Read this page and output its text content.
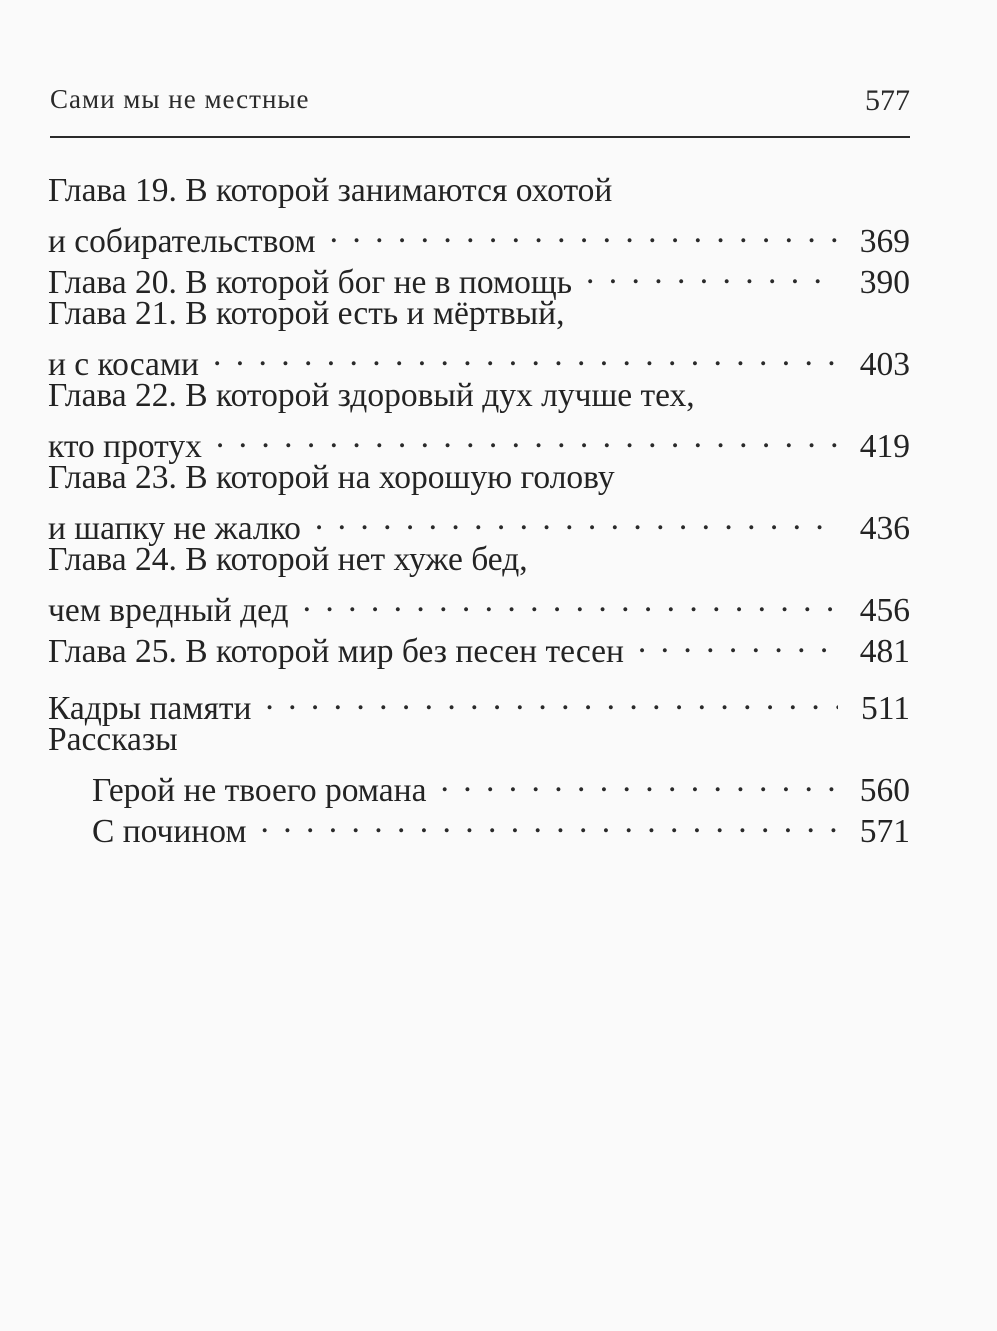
Сами мы не местные	577
Глава 19. В которой занимаются охотой
и собирательством . . .	369
Глава 20. В которой бог не в помощь . . .	390
Глава 21. В которой есть и мёртвый,
и с косами . . .	403
Глава 22. В которой здоровый дух лучше тех,
кто протух . . .	419
Глава 23. В которой на хорошую голову
и шапку не жалко . . .	436
Глава 24. В которой нет хуже бед,
чем вредный дед . . .	456
Глава 25. В которой мир без песен тесен . . .	481
Кадры памяти . . .	511
Рассказы
Герой не твоего романа . . .	560
С почином . . .	571
